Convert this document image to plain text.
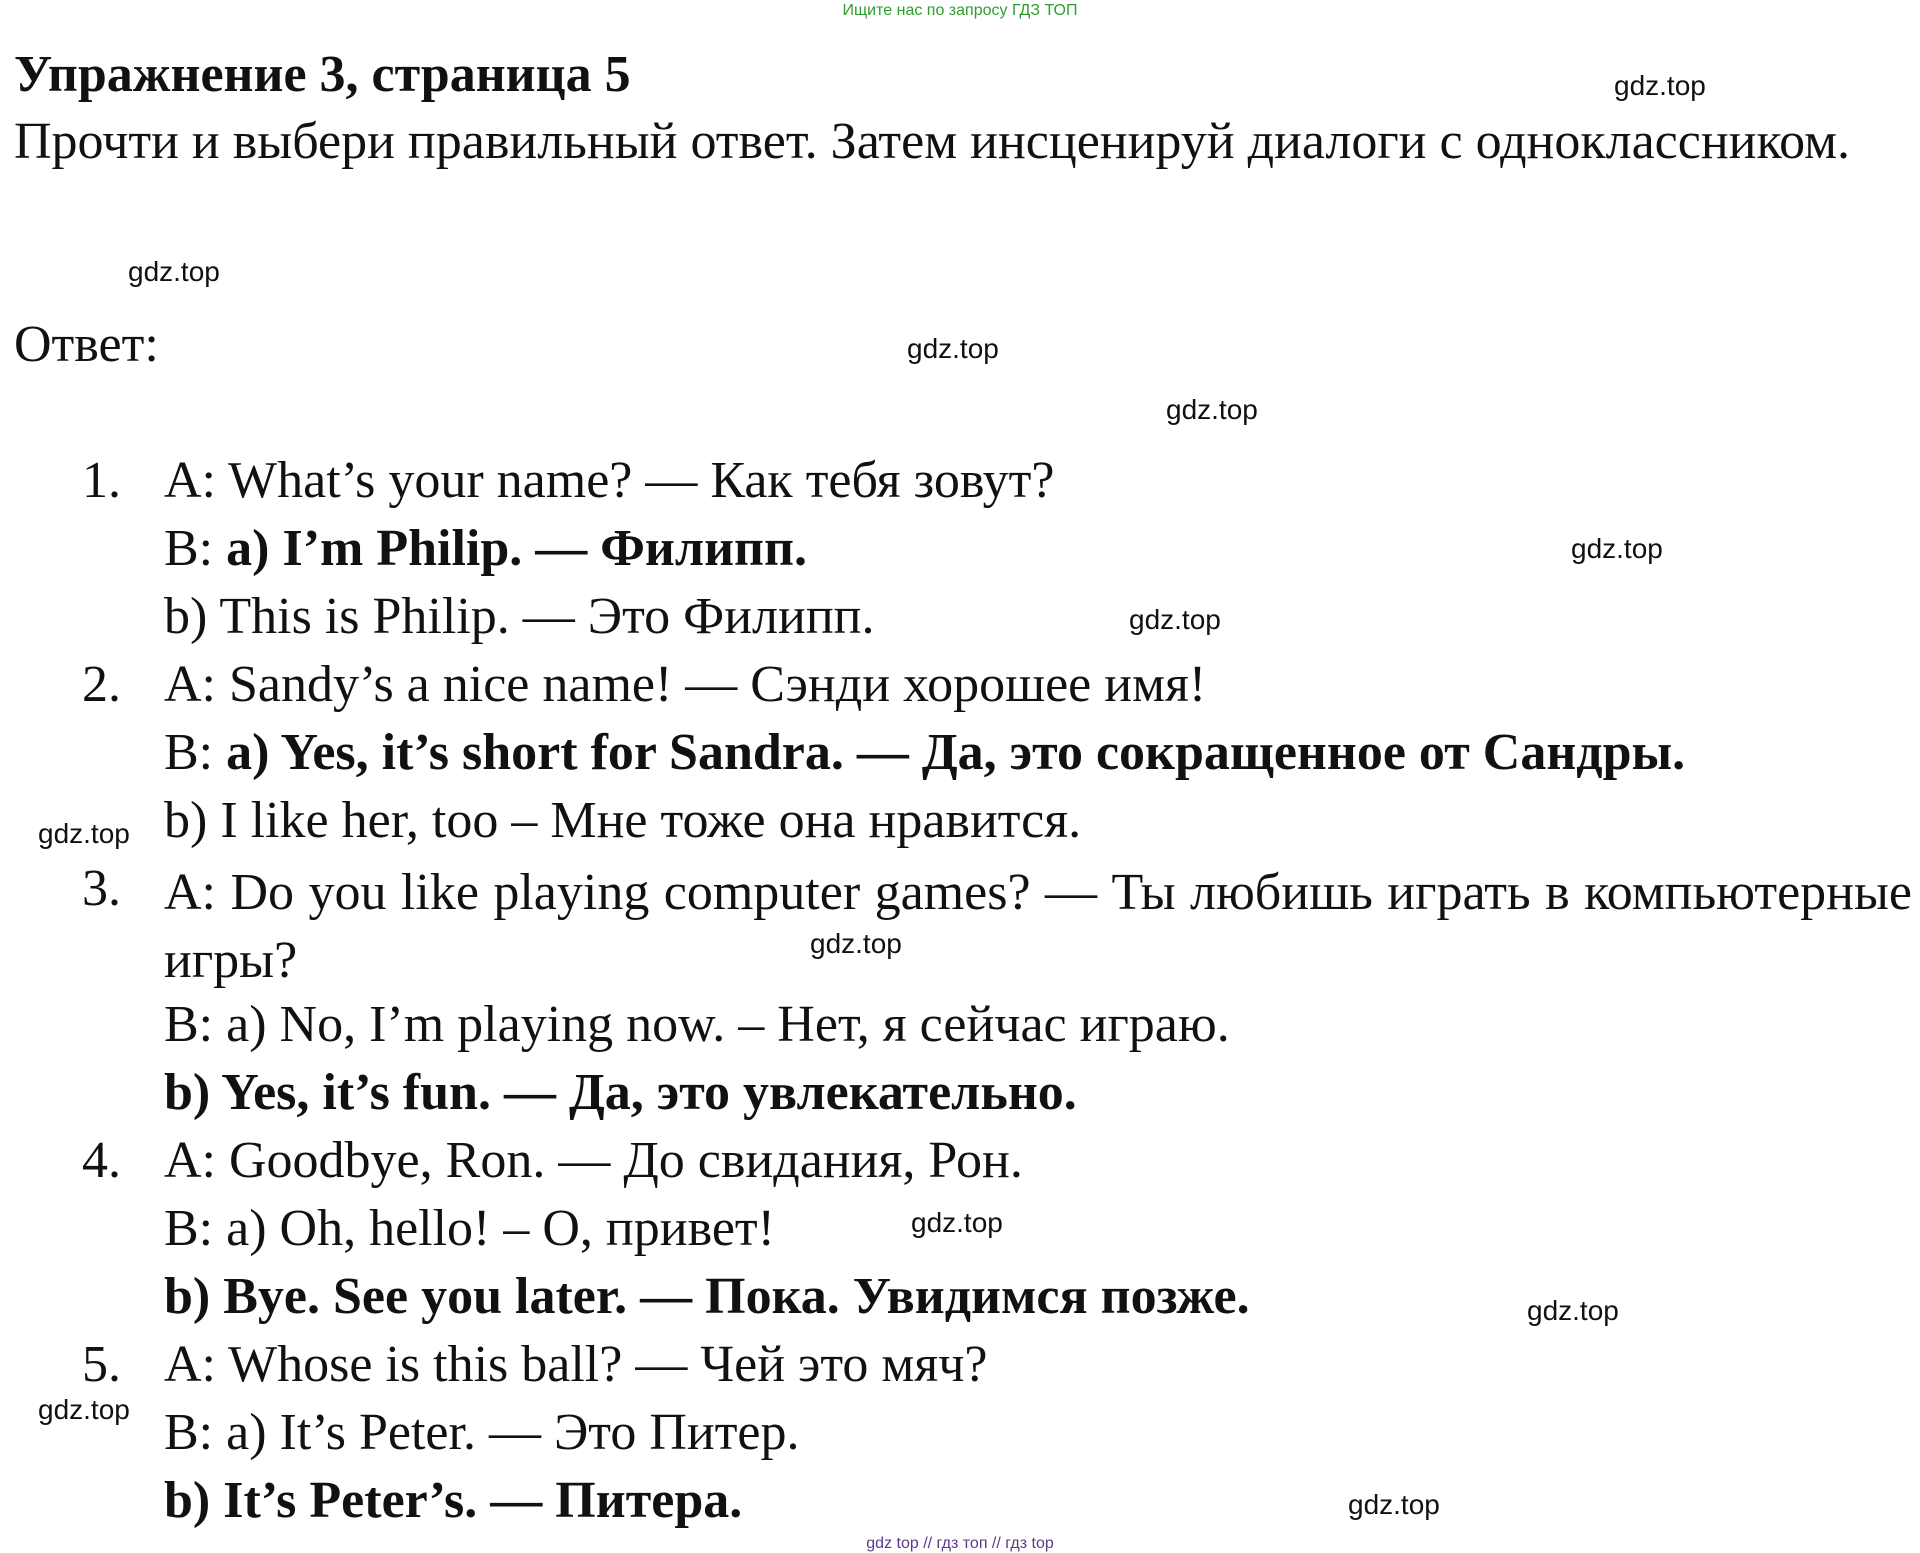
Ищите нас по запросу ГДЗ ТОП
Упражнение 3, страница 5
Прочти и выбери правильный ответ. Затем инсценируй диалоги с одноклассником.
Ответ:
1. A: What’s your name? — Как тебя зовут?
B: a) I’m Philip. — Филипп.
b) This is Philip. — Это Филипп.
2. A: Sandy’s a nice name! — Сэнди хорошее имя!
B: a) Yes, it’s short for Sandra. — Да, это сокращенное от Сандры.
b) I like her, too – Мне тоже она нравится.
3. A: Do you like playing computer games? — Ты любишь играть в компьютерные игры?
B: a) No, I’m playing now. – Нет, я сейчас играю.
b) Yes, it’s fun. — Да, это увлекательно.
4. A: Goodbye, Ron. — До свидания, Рон.
B: a) Oh, hello! – О, привет!
b) Bye. See you later. — Пока. Увидимся позже.
5. A: Whose is this ball? — Чей это мяч?
B: a) It’s Peter. — Это Питер.
b) It’s Peter’s. — Питера.
gdz.top
gdz.top
gdz.top
gdz.top
gdz.top
gdz.top
gdz.top
gdz.top
gdz.top
gdz.top
gdz.top
gdz.top
gdz top // гдз топ // гдз top
